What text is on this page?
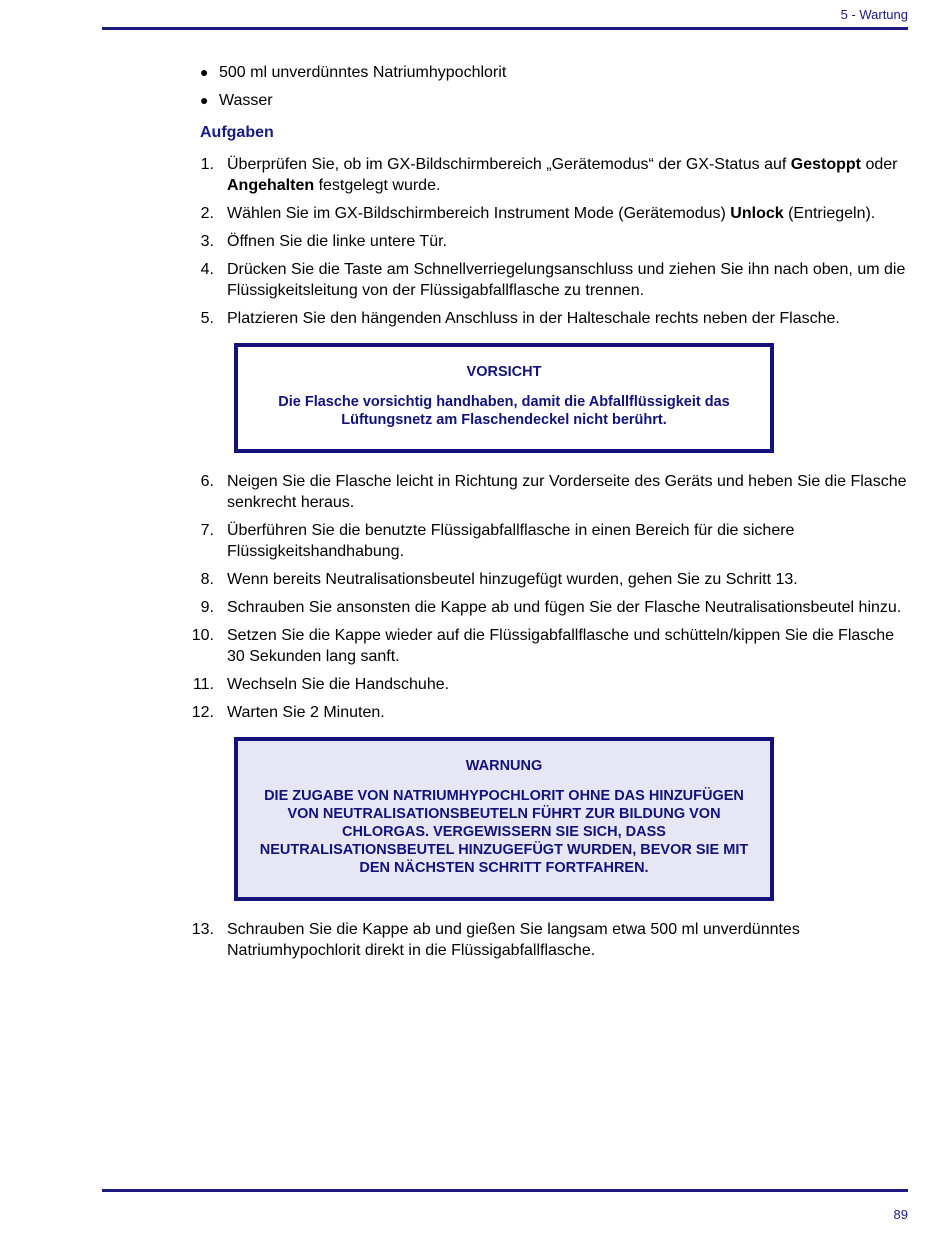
5 - Wartung
● 500 ml unverdünntes Natriumhypochlorit
● Wasser
Aufgaben
1. Überprüfen Sie, ob im GX-Bildschirmbereich „Gerätemodus“ der GX-Status auf Gestoppt oder Angehalten festgelegt wurde.
2. Wählen Sie im GX-Bildschirmbereich Instrument Mode (Gerätemodus) Unlock (Entriegeln).
3. Öffnen Sie die linke untere Tür.
4. Drücken Sie die Taste am Schnellverriegelungsanschluss und ziehen Sie ihn nach oben, um die Flüssigkeitsleitung von der Flüssigabfallflasche zu trennen.
5. Platzieren Sie den hängenden Anschluss in der Halteschale rechts neben der Flasche.
VORSICHT
Die Flasche vorsichtig handhaben, damit die Abfallflüssigkeit das Lüftungsnetz am Flaschendeckel nicht berührt.
6. Neigen Sie die Flasche leicht in Richtung zur Vorderseite des Geräts und heben Sie die Flasche senkrecht heraus.
7. Überführen Sie die benutzte Flüssigabfallflasche in einen Bereich für die sichere Flüssigkeitshandhabung.
8. Wenn bereits Neutralisationsbeutel hinzugefügt wurden, gehen Sie zu Schritt 13.
9. Schrauben Sie ansonsten die Kappe ab und fügen Sie der Flasche Neutralisationsbeutel hinzu.
10. Setzen Sie die Kappe wieder auf die Flüssigabfallflasche und schütteln/kippen Sie die Flasche 30 Sekunden lang sanft.
11. Wechseln Sie die Handschuhe.
12. Warten Sie 2 Minuten.
WARNUNG
DIE ZUGABE VON NATRIUMHYPOCHLORIT OHNE DAS HINZUFÜGEN VON NEUTRALISATIONSBEUTELN FÜHRT ZUR BILDUNG VON CHLORGAS. VERGEWISSERN SIE SICH, DASS NEUTRALISATIONSBEUTEL HINZUGEFÜGT WURDEN, BEVOR SIE MIT DEN NÄCHSTEN SCHRITT FORTFAHREN.
13. Schrauben Sie die Kappe ab und gießen Sie langsam etwa 500 ml unverdünntes Natriumhypochlorit direkt in die Flüssigabfallflasche.
89
